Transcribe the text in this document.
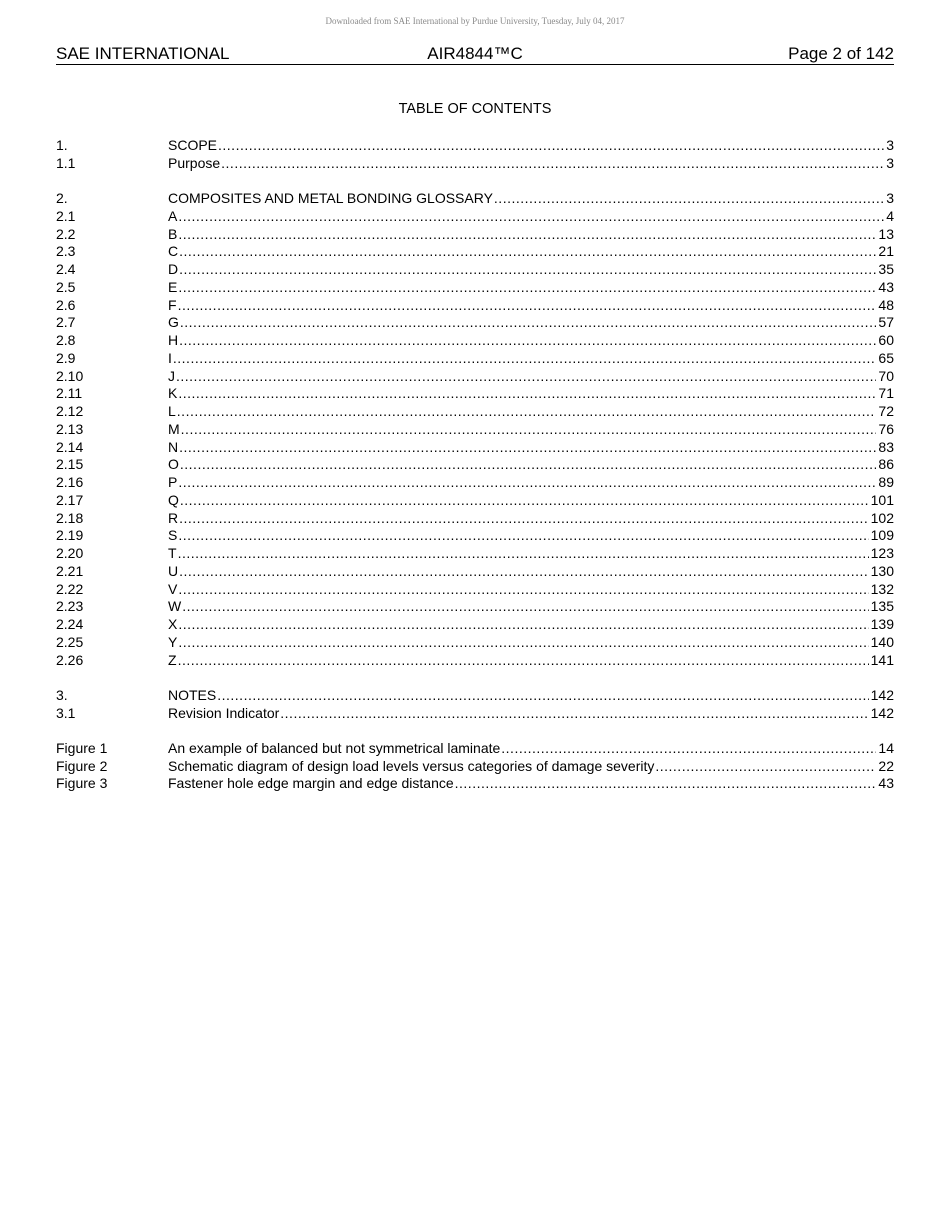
Downloaded from SAE International by Purdue University, Tuesday, July 04, 2017
SAE INTERNATIONAL	AIR4844™C	Page 2 of 142
TABLE OF CONTENTS
1.	SCOPE .....	3
1.1	Purpose .....	3
2.	COMPOSITES AND METAL BONDING GLOSSARY .....	3
2.1	A .....	4
2.2	B .....	13
2.3	C .....	21
2.4	D .....	35
2.5	E .....	43
2.6	F .....	48
2.7	G .....	57
2.8	H .....	60
2.9	I .....	65
2.10	J .....	70
2.11	K .....	71
2.12	L .....	72
2.13	M .....	76
2.14	N .....	83
2.15	O .....	86
2.16	P .....	89
2.17	Q .....	101
2.18	R .....	102
2.19	S .....	109
2.20	T .....	123
2.21	U .....	130
2.22	V .....	132
2.23	W .....	135
2.24	X .....	139
2.25	Y .....	140
2.26	Z .....	141
3.	NOTES .....	142
3.1	Revision Indicator .....	142
Figure 1	An example of balanced but not symmetrical laminate .....	14
Figure 2	Schematic diagram of design load levels versus categories of damage severity .....	22
Figure 3	Fastener hole edge margin and edge distance .....	43
